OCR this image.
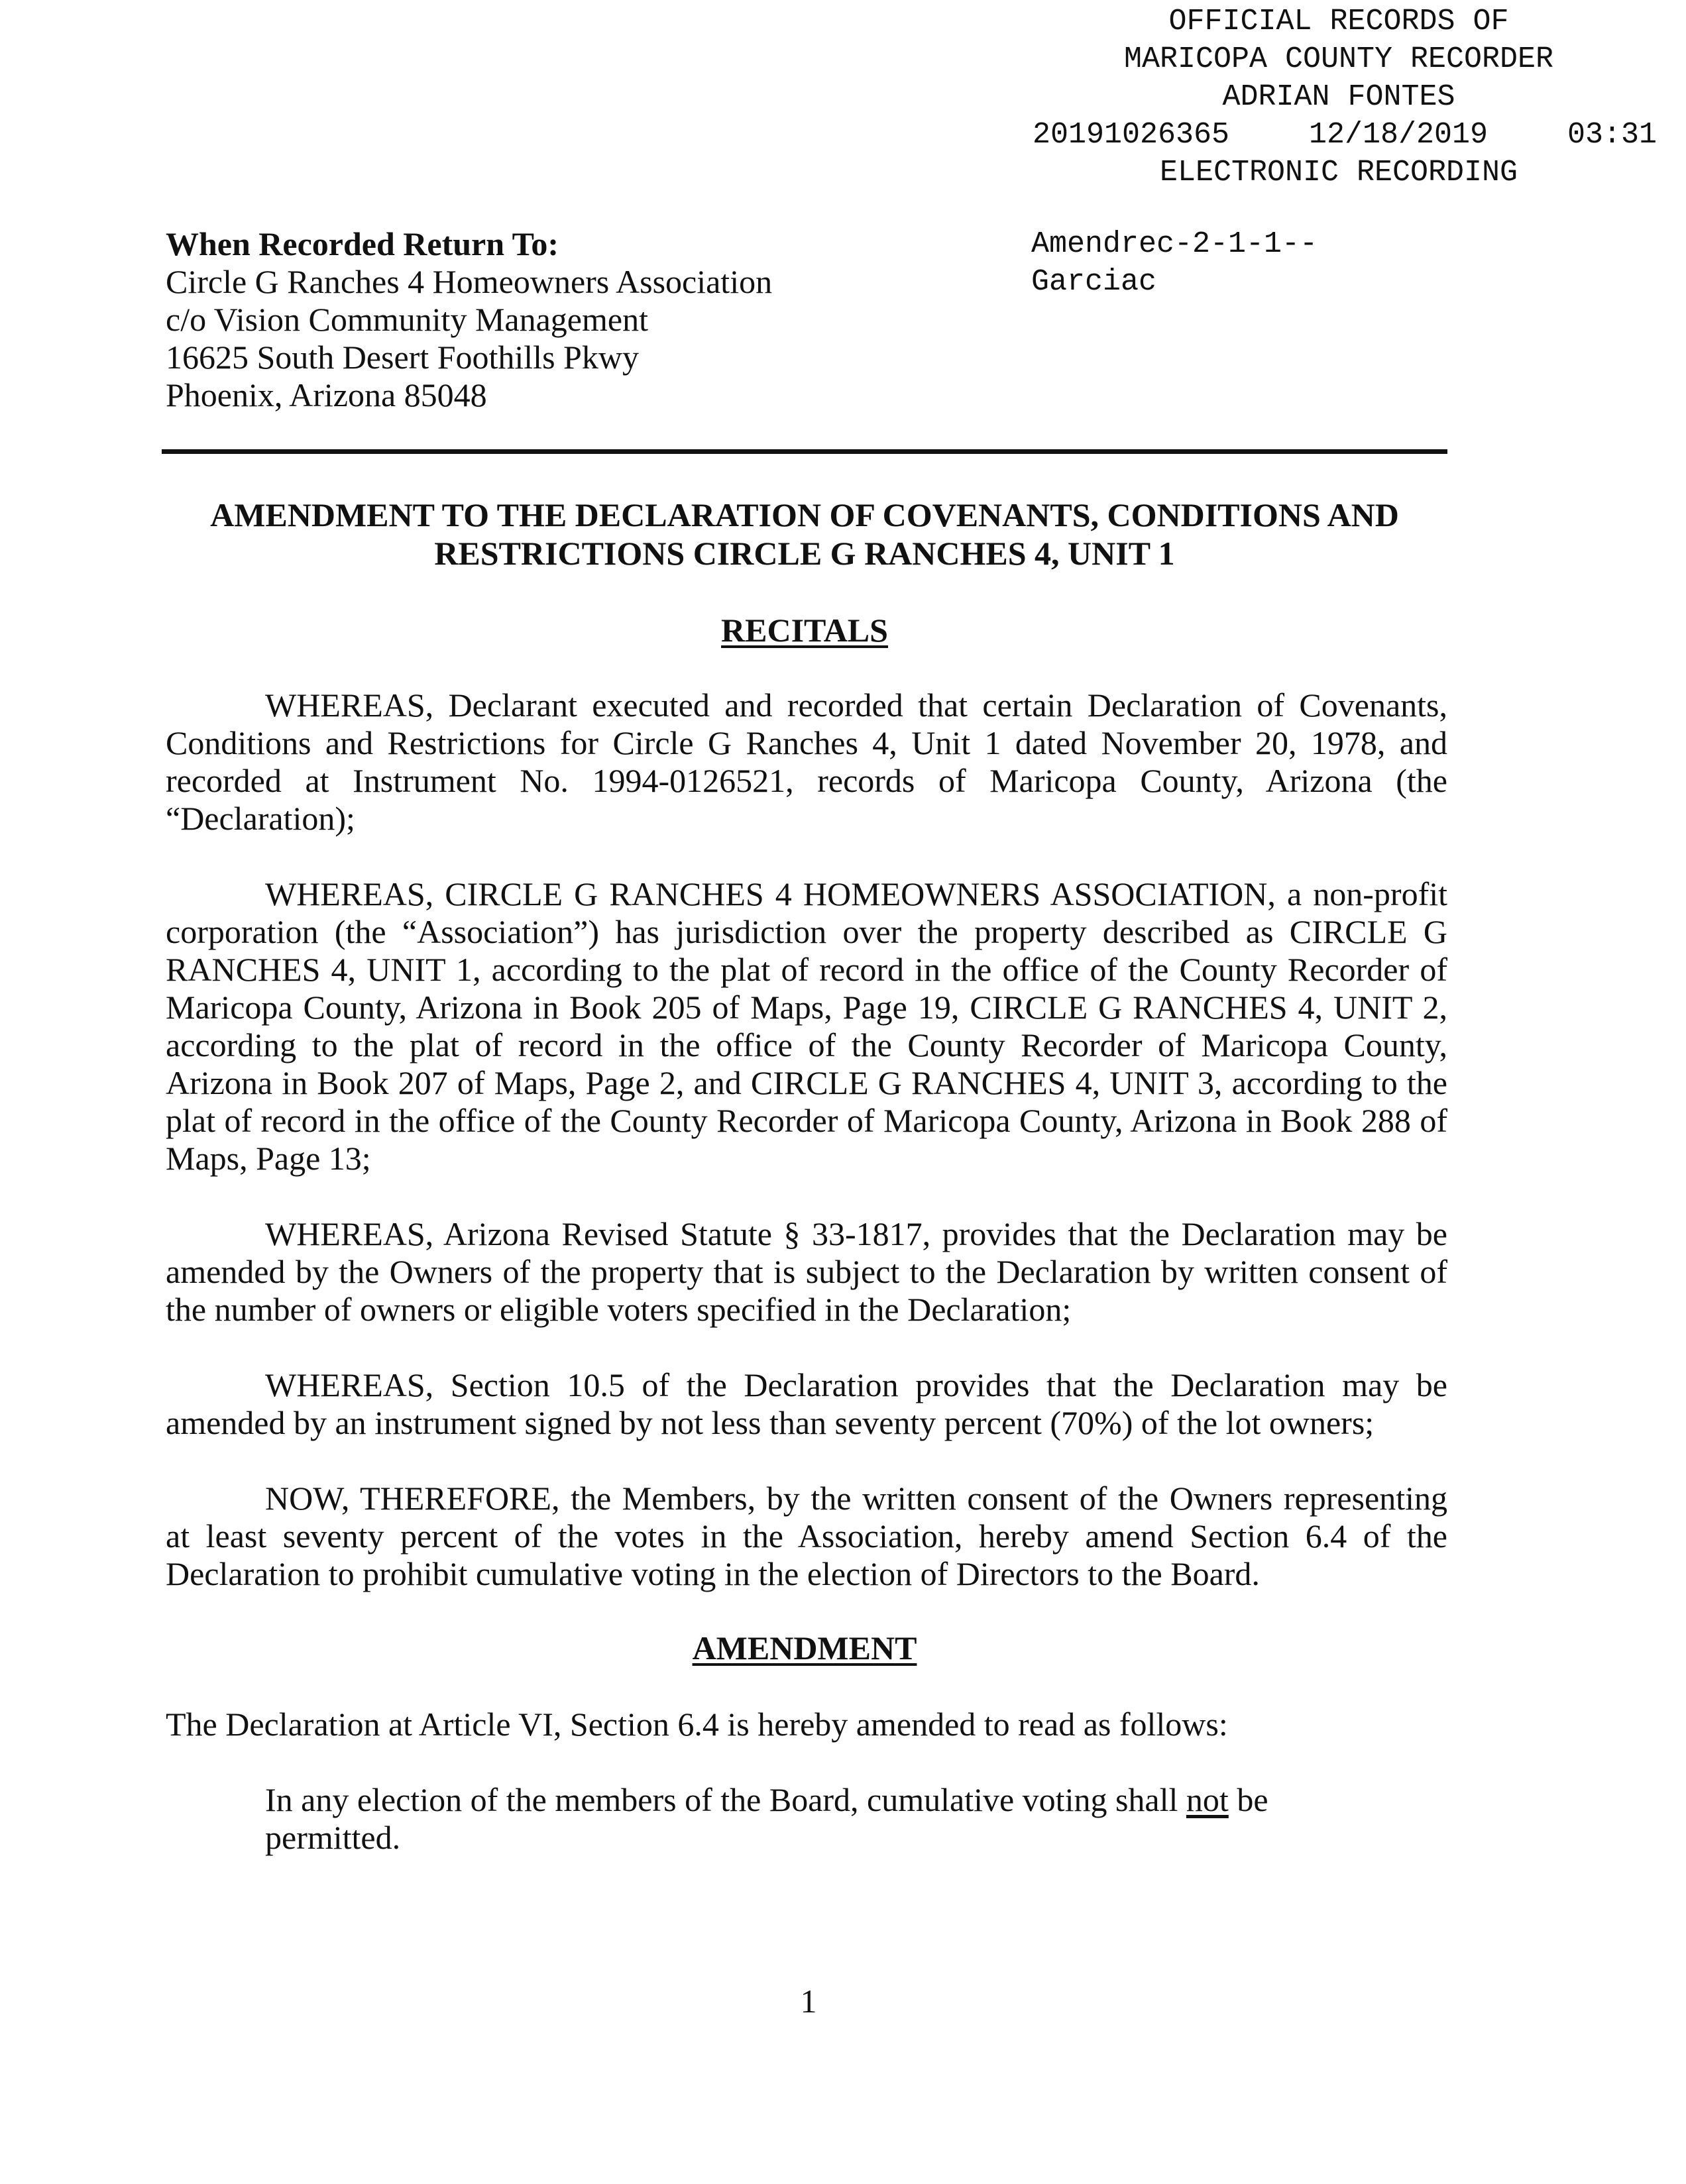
OFFICIAL RECORDS OF
MARICOPA COUNTY RECORDER
ADRIAN FONTES
20191026365	12/18/2019	03:31
ELECTRONIC RECORDING
When Recorded Return To:
Circle G Ranches 4 Homeowners Association
c/o Vision Community Management
16625 South Desert Foothills Pkwy
Phoenix, Arizona 85048
Amendrec-2-1-1--
Garciac
AMENDMENT TO THE DECLARATION OF COVENANTS, CONDITIONS AND
RESTRICTIONS CIRCLE G RANCHES 4, UNIT 1
RECITALS

WHEREAS, Declarant executed and recorded that certain Declaration of Covenants, Conditions and Restrictions for Circle G Ranches 4, Unit 1 dated November 20, 1978, and recorded at Instrument No. 1994-0126521, records of Maricopa County, Arizona (the “Declaration);

WHEREAS, CIRCLE G RANCHES 4 HOMEOWNERS ASSOCIATION, a non-profit corporation (the “Association”) has jurisdiction over the property described as CIRCLE G RANCHES 4, UNIT 1, according to the plat of record in the office of the County Recorder of Maricopa County, Arizona in Book 205 of Maps, Page 19, CIRCLE G RANCHES 4, UNIT 2, according to the plat of record in the office of the County Recorder of Maricopa County, Arizona in Book 207 of Maps, Page 2, and CIRCLE G RANCHES 4, UNIT 3, according to the plat of record in the office of the County Recorder of Maricopa County, Arizona in Book 288 of Maps, Page 13;

WHEREAS, Arizona Revised Statute § 33-1817, provides that the Declaration may be amended by the Owners of the property that is subject to the Declaration by written consent of the number of owners or eligible voters specified in the Declaration;

WHEREAS, Section 10.5 of the Declaration provides that the Declaration may be amended by an instrument signed by not less than seventy percent (70%) of the lot owners;

NOW, THEREFORE, the Members, by the written consent of the Owners representing at least seventy percent of the votes in the Association, hereby amend Section 6.4 of the Declaration to prohibit cumulative voting in the election of Directors to the Board.

AMENDMENT
The Declaration at Article VI, Section 6.4 is hereby amended to read as follows:
In any election of the members of the Board, cumulative voting shall not be permitted.
1
